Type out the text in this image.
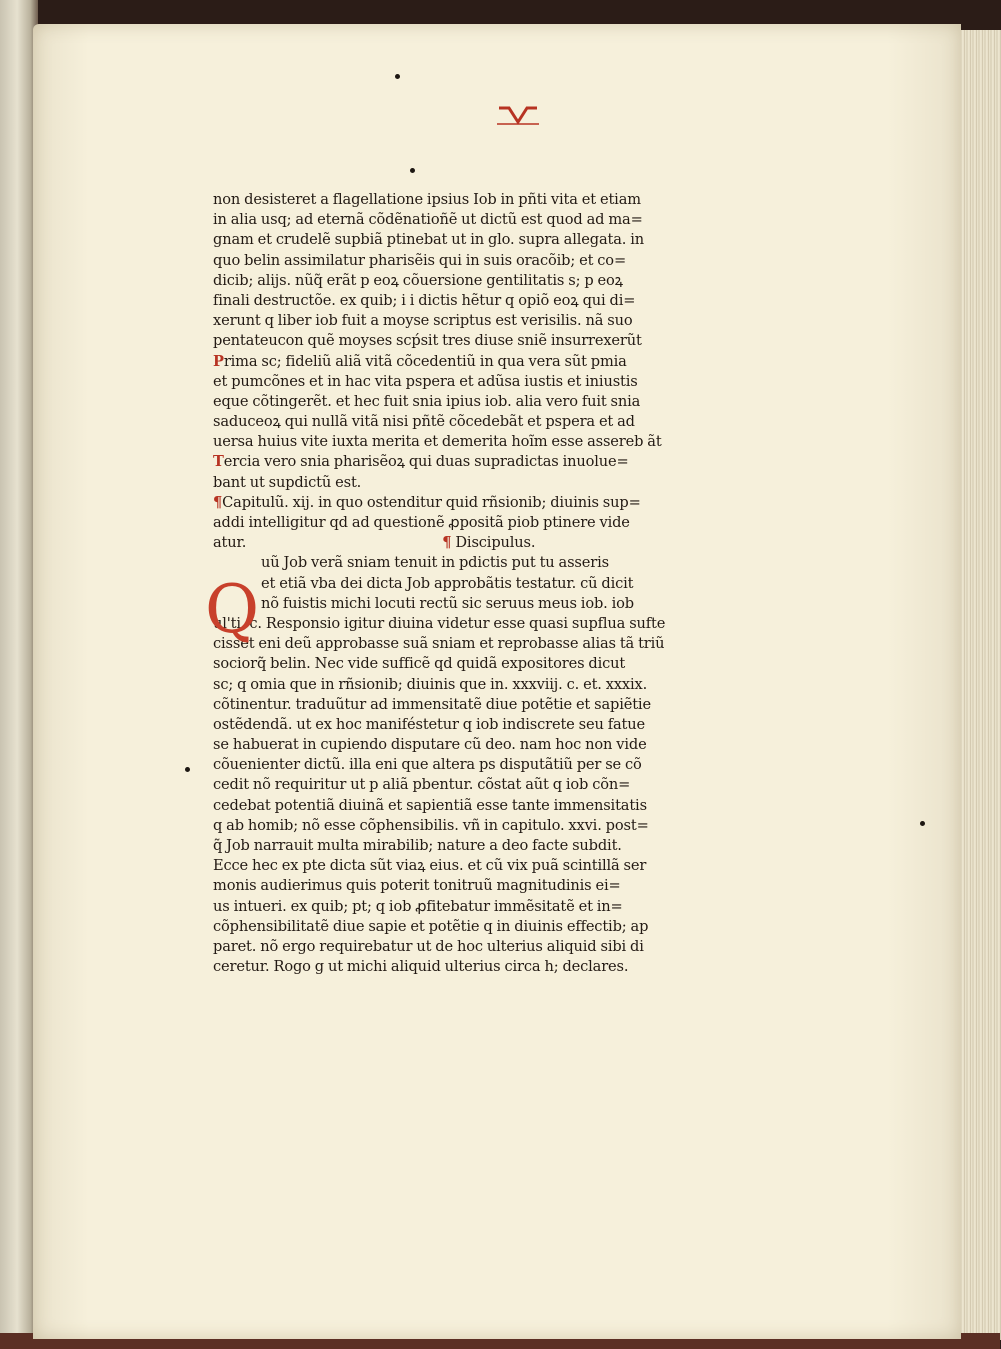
v
non desisteret a flagellatione ipsius Iob in pñti vita et etiam
in alia usq; ad eternã cõdẽnatioñẽ ut dictũ est quod ad ma=
gnam et crudelẽ supbiã ptinebat ut in glo. supra allegata. in
quo belin assimilatur pharisẽis qui in suis oracõib; et co=
dicib; alijs. nũq̃ erãt p eoꝝ cõuersione gentilitatis s; p eoꝝ
finali destructõe. ex quib; i i dictis hẽtur q opiõ eoꝝ qui di=
xerunt q liber iob fuit a moyse scriptus est verisilis. nã suo
pentateucon quẽ moyses scṕsit tres diuse sniẽ insurrexerũt
Prima sc; fideliũ aliã vitã cõcedentiũ in qua vera sũt pmia
et pumcõnes et in hac vita pspera et adũsa iustis et iniustis
eque cõtingerẽt. et hec fuit snia ipius iob. alia vero fuit snia
saduceoꝝ qui nullã vitã nisi pñtẽ cõcedebãt et pspera et ad
uersa huius vite iuxta merita et demerita hoĩm esse assereb ãt
Tercia vero snia pharisẽoꝝ qui duas supradictas inuolue=
bant ut supdictũ est.
¶Capitulũ. xij. in quo ostenditur quid rñsionib; diuinis sup=
addi intelligitur qd ad questionẽ ꝓpositã piob ptinere vide
atur.	¶ Discipulus.
Q
uũ Job verã sniam tenuit in pdictis put tu asseris
et etiã vba dei dicta Job approbãtis testatur. cũ dicit
nõ fuistis michi locuti rectũ sic seruus meus iob. iob
ul'ti. c. Responsio igitur diuina videtur esse quasi supflua sufte
cisset eni deũ approbasse suã sniam et reprobasse alias tã triũ
sociorq̃ belin. Nec vide sufficẽ qd quidã expositores dicut
sc; q omia que in rñsionib; diuinis que in. xxxviij. c. et. xxxix.
cõtinentur. traduũtur ad immensitatẽ diue potẽtie et sapiẽtie
ostẽdendã. ut ex hoc maniféstetur q iob indiscrete seu fatue
se habuerat in cupiendo disputare cũ deo. nam hoc non vide
cõuenienter dictũ. illa eni que altera ps disputãtiũ per se cõ
cedit nõ requiritur ut p aliã pbentur. cõstat aũt q iob cõn=
cedebat potentiã diuinã et sapientiã esse tante immensitatis
q ab homib; nõ esse cõphensibilis. vñ in capitulo. xxvi. post=
q̃ Job narrauit multa mirabilib; nature a deo facte subdit.
Ecce hec ex pte dicta sũt viaꝝ eius. et cũ vix puã scintillã ser
monis audierimus quis poterit tonitruũ magnitudinis ei=
us intueri. ex quib; pt; q iob ꝓfitebatur immẽsitatẽ et in=
cõphensibilitatẽ diue sapie et potẽtie q in diuinis effectib; ap
paret. nõ ergo requirebatur ut de hoc ulterius aliquid sibi di
ceretur. Rogo g ut michi aliquid ulterius circa h; declares.
